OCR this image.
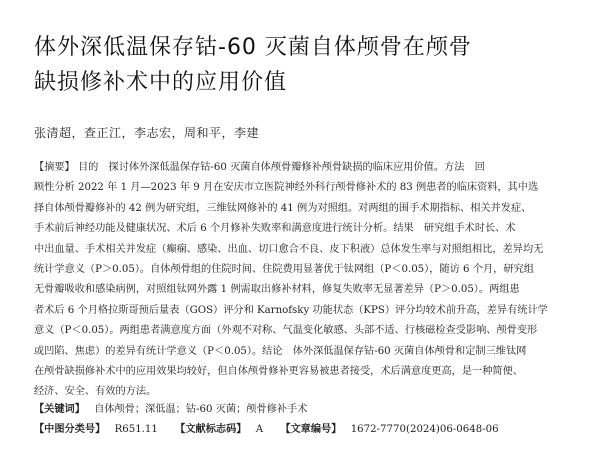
体外深低温保存钴-60 灭菌自体颅骨在颅骨
缺损修补术中的应用价值
张清超，查正江，李志宏，周和平，李建
【摘要】 目的　探讨体外深低温保存钴-60 灭菌自体颅骨瓣修补颅骨缺损的临床应用价值。方法　回
顾性分析 2022 年 1 月—2023 年 9 月在安庆市立医院神经外科行颅骨修补术的 83 例患者的临床资料，其中选
择自体颅骨瓣修补的 42 例为研究组，三维钛网修补的 41 例为对照组。对两组的围手术期指标、相关并发症、
手术前后神经功能及健康状况、术后 6 个月修补失败率和满意度进行统计分析。结果　研究组手术时长、术
中出血量、手术相关并发症（癫痫、感染、出血、切口愈合不良、皮下积液）总体发生率与对照组相比，差异均无
统计学意义（P＞0.05）。自体颅骨组的住院时间、住院费用显著优于钛网组（P＜0.05），随访 6 个月，研究组
无骨瓣吸收和感染病例，对照组钛网外露 1 例需取出修补材料，修复失败率无显著差异（P＞0.05）。两组患
者术后 6 个月格拉斯哥预后量表（GOS）评分和 Karnofsky 功能状态（KPS）评分均较术前升高，差异有统计学
意义（P＜0.05）。两组患者满意度方面（外观不对称、气温变化敏感、头部不适、行核磁检查受影响、颅骨变形
或凹陷、焦虑）的差异有统计学意义（P＜0.05）。结论　体外深低温保存钴-60 灭菌自体颅骨和定制三维钛网
在颅骨缺损修补术中的应用效果均较好，但自体颅骨修补更容易被患者接受，术后满意度更高，是一种简便、
经济、安全、有效的方法。
【关键词】 自体颅骨；深低温；钴-60 灭菌；颅骨修补手术
【中图分类号】 R651.11 【文献标志码】 A 【文章编号】 1672-7770(2024)06-0648-06
